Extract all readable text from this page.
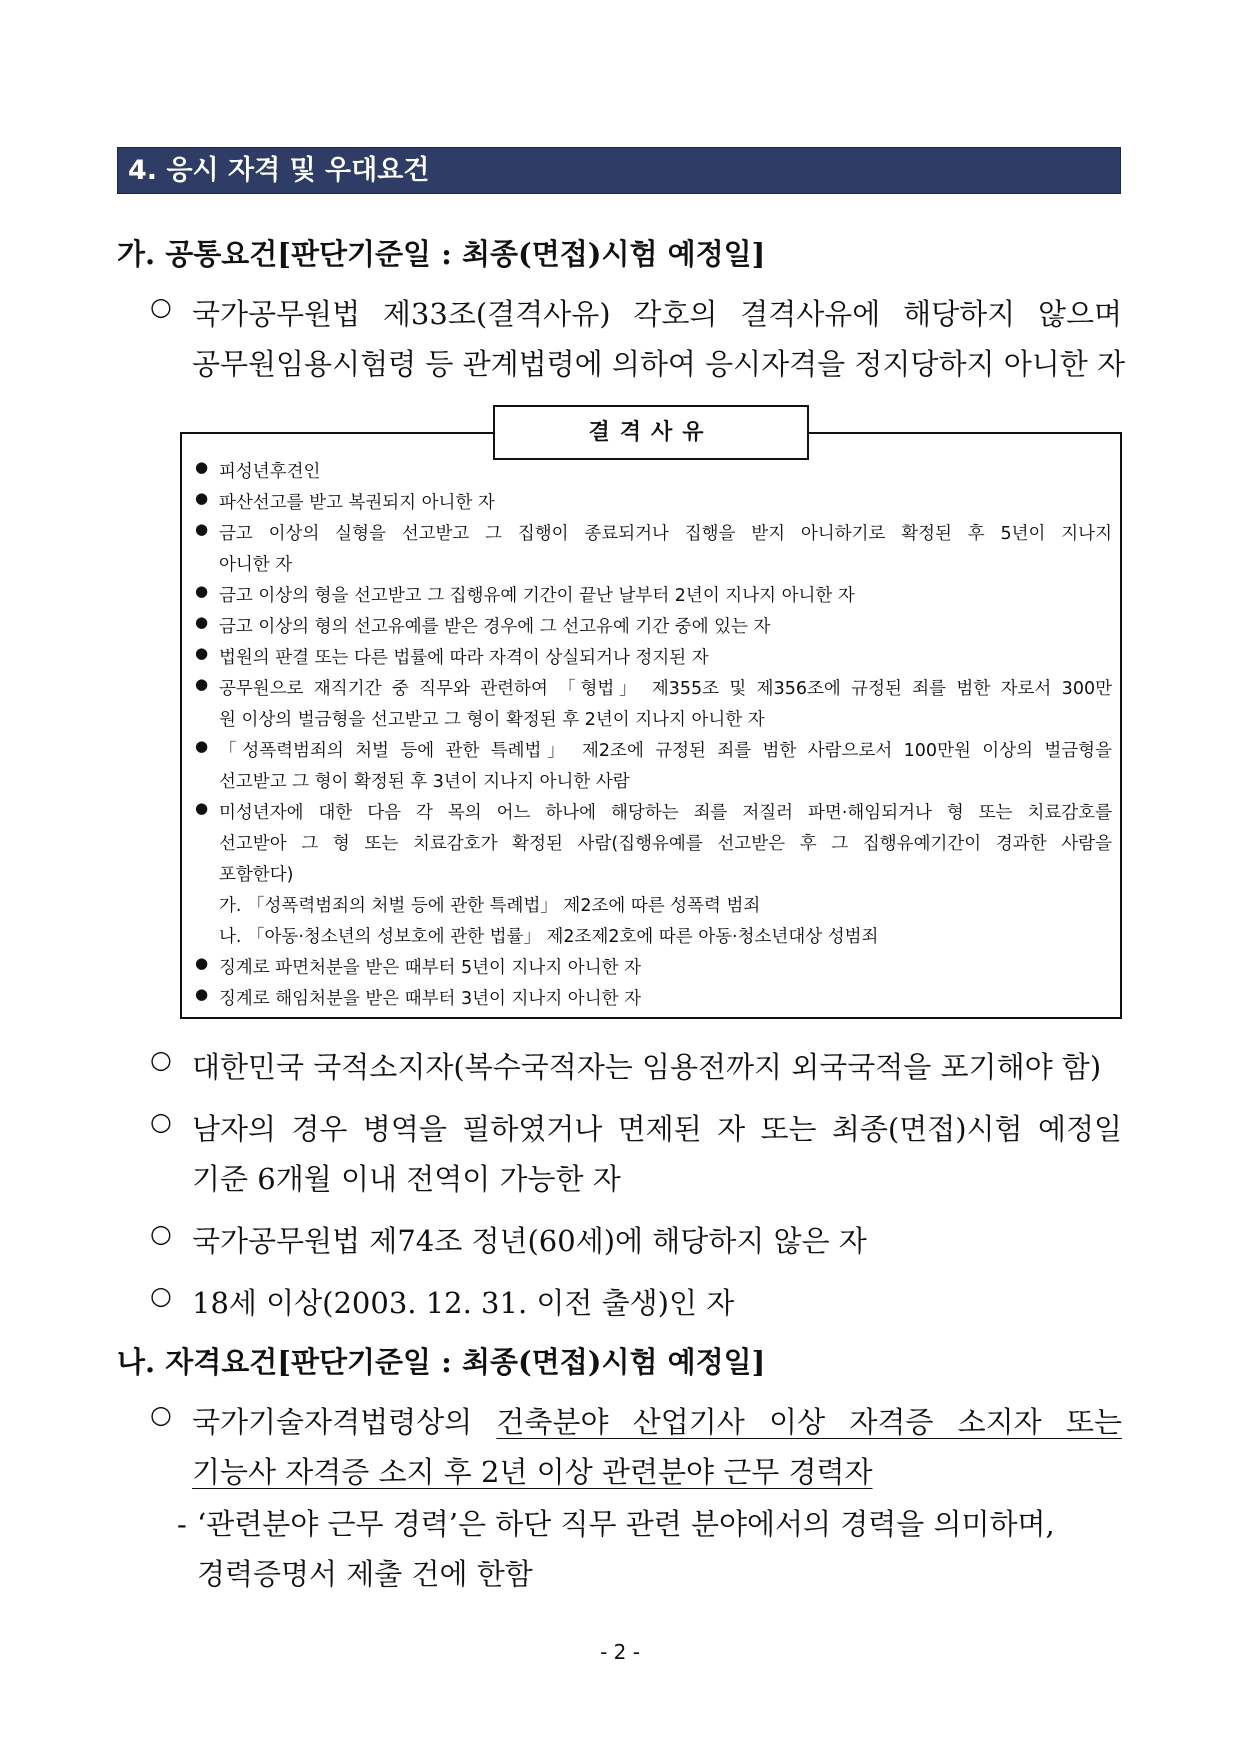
4. 응시 자격 및 우대요건
가. 공통요건[판단기준일 : 최종(면접)시험 예정일]
○ 국가공무원법 제33조(결격사유) 각호의 결격사유에 해당하지 않으며
공무원임용시험령 등 관계법령에 의하여 응시자격을 정지당하지 아니한 자
결격사유
● 피성년후견인
● 파산선고를 받고 복권되지 아니한 자
● 금고 이상의 실형을 선고받고 그 집행이 종료되거나 집행을 받지 아니하기로 확정된 후 5년이 지나지
아니한 자
● 금고 이상의 형을 선고받고 그 집행유예 기간이 끝난 날부터 2년이 지나지 아니한 자
● 금고 이상의 형의 선고유예를 받은 경우에 그 선고유예 기간 중에 있는 자
● 법원의 판결 또는 다른 법률에 따라 자격이 상실되거나 정지된 자
● 공무원으로 재직기간 중 직무와 관련하여 「형법」 제355조 및 제356조에 규정된 죄를 범한 자로서 300만
원 이상의 벌금형을 선고받고 그 형이 확정된 후 2년이 지나지 아니한 자
● 「성폭력범죄의 처벌 등에 관한 특례법」 제2조에 규정된 죄를 범한 사람으로서 100만원 이상의 벌금형을
선고받고 그 형이 확정된 후 3년이 지나지 아니한 사람
● 미성년자에 대한 다음 각 목의 어느 하나에 해당하는 죄를 저질러 파면·해임되거나 형 또는 치료감호를
선고받아 그 형 또는 치료감호가 확정된 사람(집행유예를 선고받은 후 그 집행유예기간이 경과한 사람을
포함한다)
가. 「성폭력범죄의 처벌 등에 관한 특례법」 제2조에 따른 성폭력 범죄
나. 「아동·청소년의 성보호에 관한 법률」 제2조제2호에 따른 아동·청소년대상 성범죄
● 징계로 파면처분을 받은 때부터 5년이 지나지 아니한 자
● 징계로 해임처분을 받은 때부터 3년이 지나지 아니한 자
○ 대한민국 국적소지자(복수국적자는 임용전까지 외국국적을 포기해야 함)
○ 남자의 경우 병역을 필하였거나 면제된 자 또는 최종(면접)시험 예정일
기준 6개월 이내 전역이 가능한 자
○ 국가공무원법 제74조 정년(60세)에 해당하지 않은 자
○ 18세 이상(2003. 12. 31. 이전 출생)인 자
나. 자격요건[판단기준일 : 최종(면접)시험 예정일]
○ 국가기술자격법령상의 건축분야 산업기사 이상 자격증 소지자 또는
기능사 자격증 소지 후 2년 이상 관련분야 근무 경력자
- ‘관련분야 근무 경력’은 하단 직무 관련 분야에서의 경력을 의미하며,
경력증명서 제출 건에 한함
- 2 -
